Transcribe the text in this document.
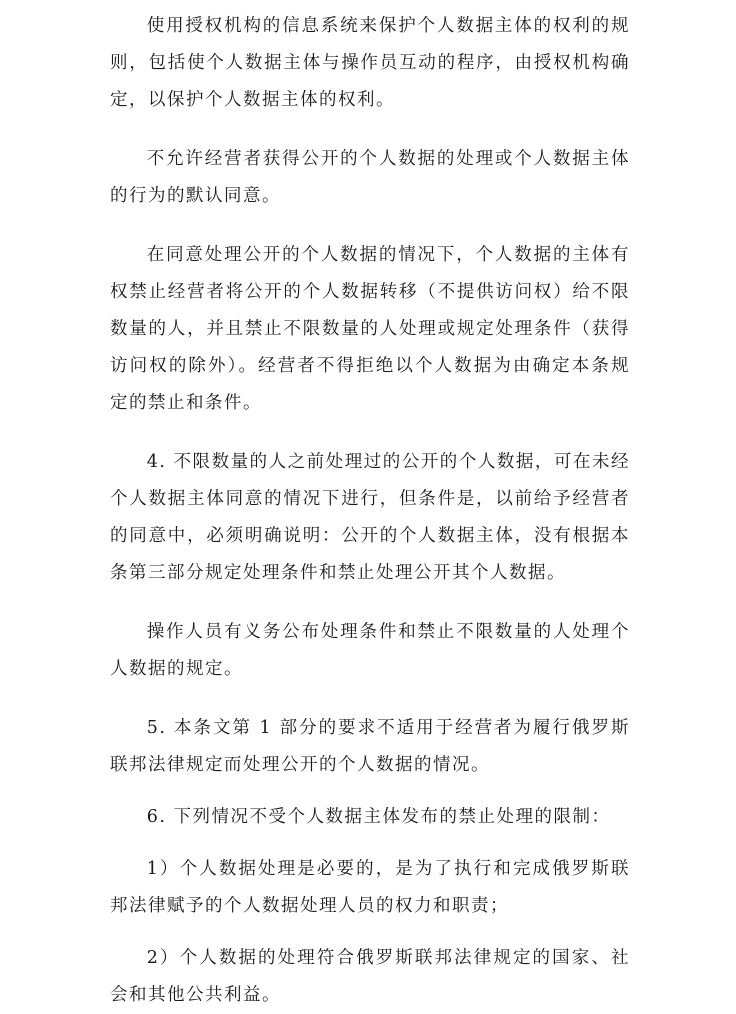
使用授权机构的信息系统来保护个人数据主体的权利的规则，包括使个人数据主体与操作员互动的程序，由授权机构确定，以保护个人数据主体的权利。

不允许经营者获得公开的个人数据的处理或个人数据主体的行为的默认同意。

在同意处理公开的个人数据的情况下，个人数据的主体有权禁止经营者将公开的个人数据转移（不提供访问权）给不限数量的人，并且禁止不限数量的人处理或规定处理条件（获得访问权的除外）。经营者不得拒绝以个人数据为由确定本条规定的禁止和条件。

4. 不限数量的人之前处理过的公开的个人数据，可在未经个人数据主体同意的情况下进行，但条件是，以前给予经营者的同意中，必须明确说明：公开的个人数据主体，没有根据本条第三部分规定处理条件和禁止处理公开其个人数据。

操作人员有义务公布处理条件和禁止不限数量的人处理个人数据的规定。

5. 本条文第 1 部分的要求不适用于经营者为履行俄罗斯联邦法律规定而处理公开的个人数据的情况。

6. 下列情况不受个人数据主体发布的禁止处理的限制：

1）个人数据处理是必要的，是为了执行和完成俄罗斯联邦法律赋予的个人数据处理人员的权力和职责；

2）个人数据的处理符合俄罗斯联邦法律规定的国家、社会和其他公共利益。
